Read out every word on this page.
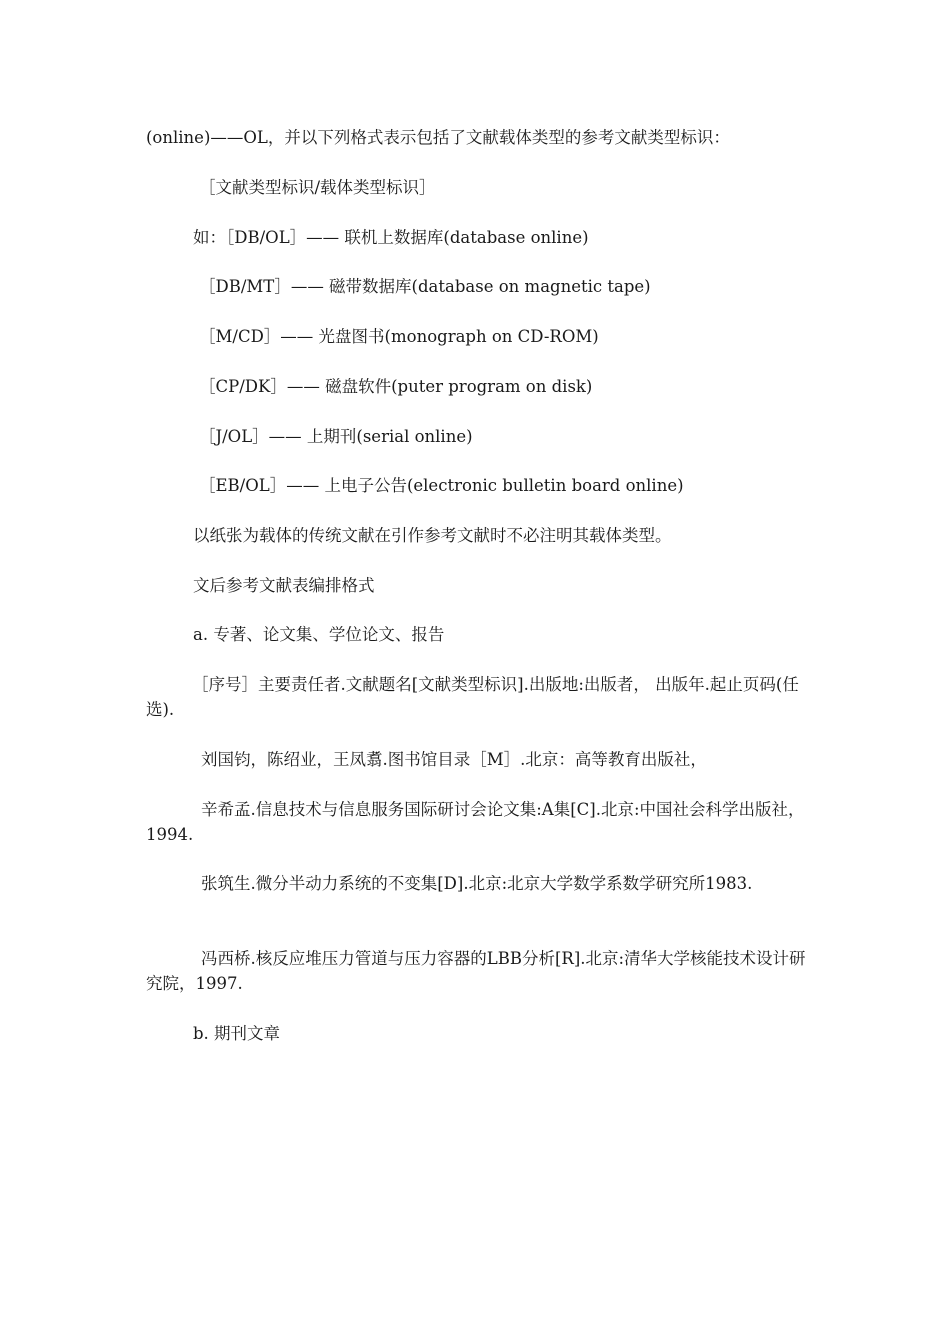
(online)——OL，并以下列格式表示包括了文献载体类型的参考文献类型标识：
［文献类型标识/载体类型标识］
如：［DB/OL］—— 联机上数据库(database online)
［DB/MT］—— 磁带数据库(database on magnetic tape)
［M/CD］—— 光盘图书(monograph on CD-ROM)
［CP/DK］—— 磁盘软件(puter program on disk)
［J/OL］—— 上期刊(serial online)
［EB/OL］—— 上电子公告(electronic bulletin board online)
以纸张为载体的传统文献在引作参考文献时不必注明其载体类型。
文后参考文献表编排格式
a. 专著、论文集、学位论文、报告
［序号］主要责任者.文献题名[文献类型标识].出版地:出版者， 出版年.起止页码(任选).
刘国钧，陈绍业，王凤翥.图书馆目录［M］.北京：高等教育出版社，
辛希孟.信息技术与信息服务国际研讨会论文集:A集[C].北京:中国社会科学出版社，1994.
张筑生.微分半动力系统的不变集[D].北京:北京大学数学系数学研究所1983.
冯西桥.核反应堆压力管道与压力容器的LBB分析[R].北京:清华大学核能技术设计研究院，1997.
b. 期刊文章
